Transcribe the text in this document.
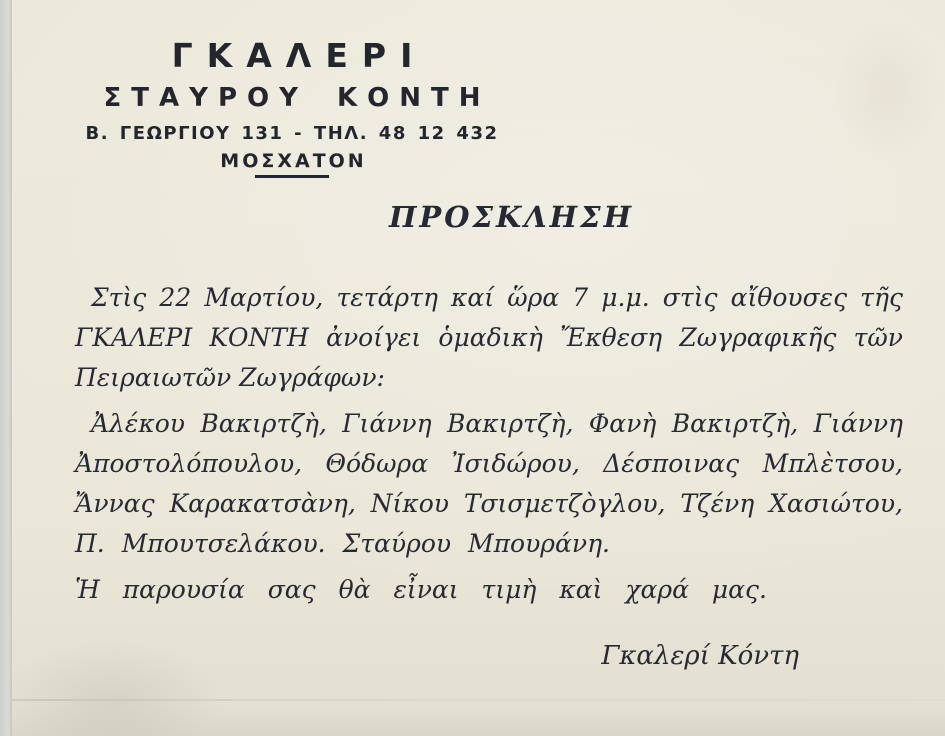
ΓΚΑΛΕΡΙ
ΣΤΑΥΡΟΥ ΚΟΝΤΗ
Β. ΓΕΩΡΓΙΟΥ 131 - ΤΗΛ. 48 12 432
ΜΟΣΧΑΤΟΝ
ΠΡΟΣΚΛΗΣΗ
Στὶς 22 Μαρτίου, τετάρτη καί ὥρα 7 μ.μ. στὶς αἴθουσες τῆς
ΓΚΑΛΕΡΙ ΚΟΝΤΗ ἀνοίγει ὁμαδικὴ Ἔκθεση Ζωγραφικῆς τῶν
Πειραιωτῶν Ζωγράφων:
Ἀλέκου Βακιρτζὴ, Γιάννη Βακιρτζὴ, Φανὴ Βακιρτζὴ, Γιάννη
Ἀποστολόπουλου, Θόδωρα Ἰσιδώρου, Δέσποινας Μπλὲτσου,
Ἄννας Καρακατσὰνη, Νίκου Τσισμετζὸγλου, Τζένη Χασιώτου,
Π. Μπουτσελάκου. Σταύρου Μπουράνη.
Ἡ παρουσία σας θὰ εἶναι τιμὴ καὶ χαρά μας.
Γκαλερί Κόντη
